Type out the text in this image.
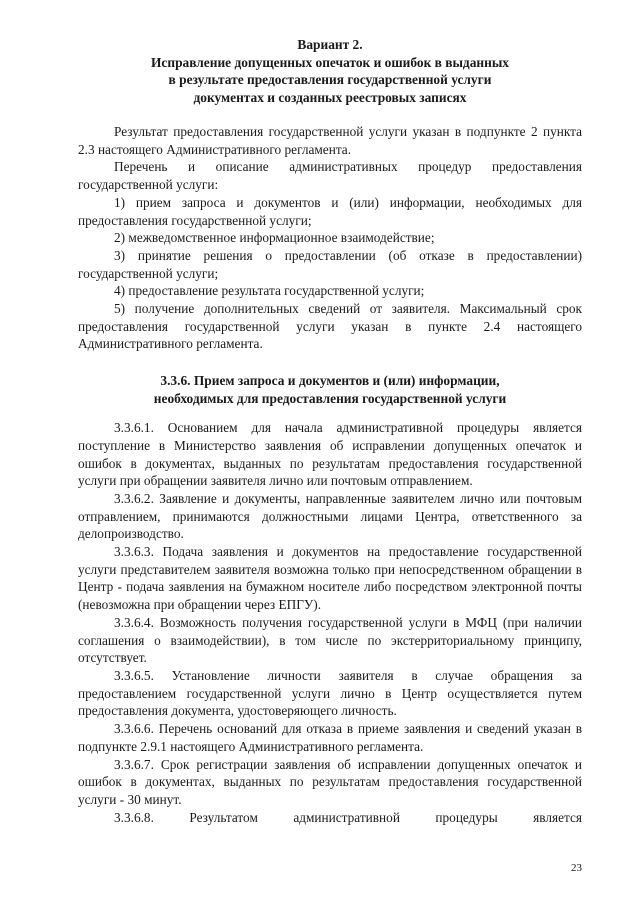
Вариант 2.
Исправление допущенных опечаток и ошибок в выданных
в результате предоставления государственной услуги
документах и созданных реестровых записях

Результат предоставления государственной услуги указан в подпункте 2 пункта 2.3 настоящего Административного регламента.

Перечень и описание административных процедур предоставления государственной услуги:

1) прием запроса и документов и (или) информации, необходимых для предоставления государственной услуги;

2) межведомственное информационное взаимодействие;

3) принятие решения о предоставлении (об отказе в предоставлении) государственной услуги;

4) предоставление результата государственной услуги;

5) получение дополнительных сведений от заявителя. Максимальный срок предоставления государственной услуги указан в пункте 2.4 настоящего Административного регламента.

3.3.6. Прием запроса и документов и (или) информации,
необходимых для предоставления государственной услуги

3.3.6.1. Основанием для начала административной процедуры является поступление в Министерство заявления об исправлении допущенных опечаток и ошибок в документах, выданных по результатам предоставления государственной услуги при обращении заявителя лично или почтовым отправлением.

3.3.6.2. Заявление и документы, направленные заявителем лично или почтовым отправлением, принимаются должностными лицами Центра, ответственного за делопроизводство.

3.3.6.3. Подача заявления и документов на предоставление государственной услуги представителем заявителя возможна только при непосредственном обращении в Центр - подача заявления на бумажном носителе либо посредством электронной почты (невозможна при обращении через ЕПГУ).

3.3.6.4. Возможность получения государственной услуги в МФЦ (при наличии соглашения о взаимодействии), в том числе по экстерриториальному принципу, отсутствует.

3.3.6.5. Установление личности заявителя в случае обращения за предоставлением государственной услуги лично в Центр осуществляется путем предоставления документа, удостоверяющего личность.

3.3.6.6. Перечень оснований для отказа в приеме заявления и сведений указан в подпункте 2.9.1 настоящего Административного регламента.

3.3.6.7. Срок регистрации заявления об исправлении допущенных опечаток и ошибок в документах, выданных по результатам предоставления государственной услуги - 30 минут.

3.3.6.8. Результатом административной процедуры является

23
